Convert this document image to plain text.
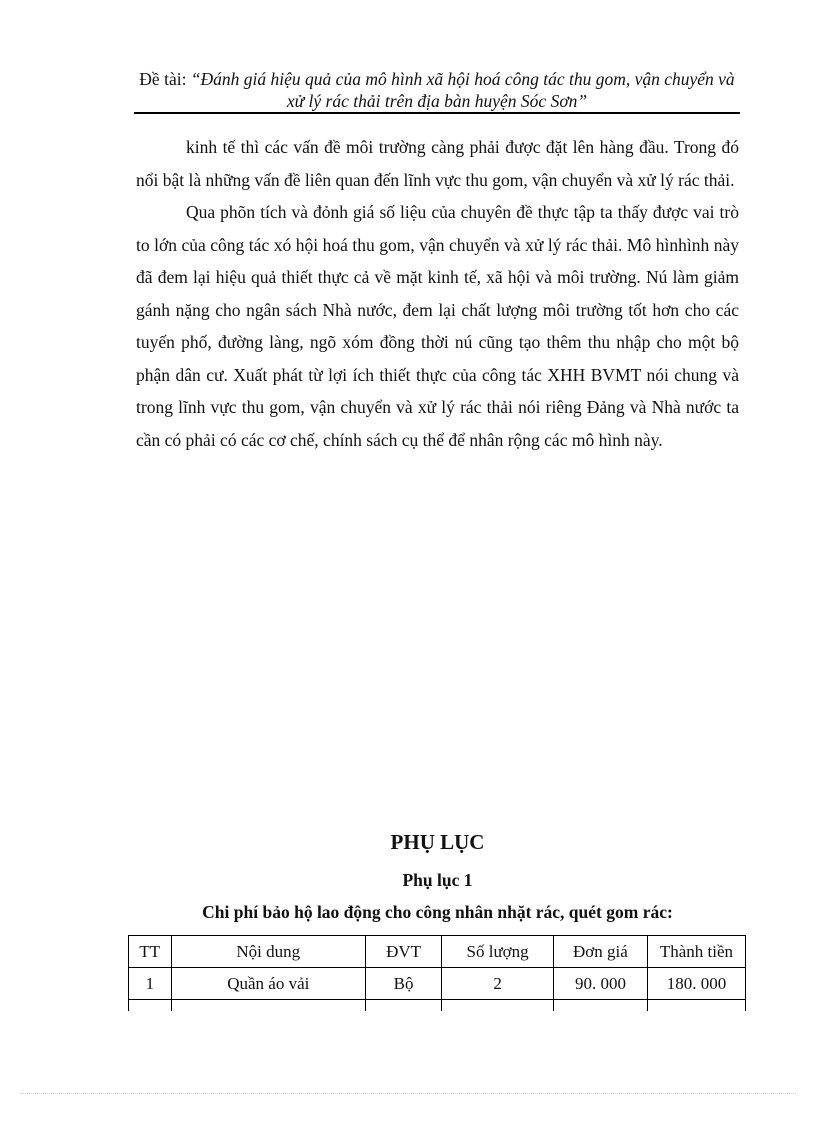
Đề tài: “Đánh giá hiệu quả của mô hình xã hội hoá công tác thu gom, vận chuyển và xử lý rác thải trên địa bàn huyện Sóc Sơn”

kinh tế thì các vấn đề môi trường càng phải được đặt lên hàng đầu. Trong đó nổi bật là những vấn đề liên quan đến lĩnh vực thu gom, vận chuyển và xử lý rác thải.

Qua phõn tích và đỏnh giá số liệu của chuyên đề thực tập ta thấy được vai trò to lớn của công tác xó hội hoá thu gom, vận chuyển và xử lý rác thải. Mô hìnhình này đã đem lại hiệu quả thiết thực cả về mặt kinh tế, xã hội và môi trường. Nú làm giảm gánh nặng cho ngân sách Nhà nước, đem lại chất lượng môi trường tốt hơn cho các tuyến phố, đường làng, ngõ xóm đồng thời nú cũng tạo thêm thu nhập cho một bộ phận dân cư. Xuất phát từ lợi ích thiết thực của công tác XHH BVMT nói chung và trong lĩnh vực thu gom, vận chuyển và xử lý rác thải nói riêng Đảng và Nhà nước ta cần có phải có các cơ chế, chính sách cụ thể để nhân rộng các mô hình này.

PHỤ LỤC
Phụ lục 1
Chi phí bảo hộ lao động cho công nhân nhặt rác, quét gom rác:
TT	Nội dung	ĐVT	Số lượng	Đơn giá	Thành tiền
1	Quần áo vải	Bộ	2	90. 000	180. 000
